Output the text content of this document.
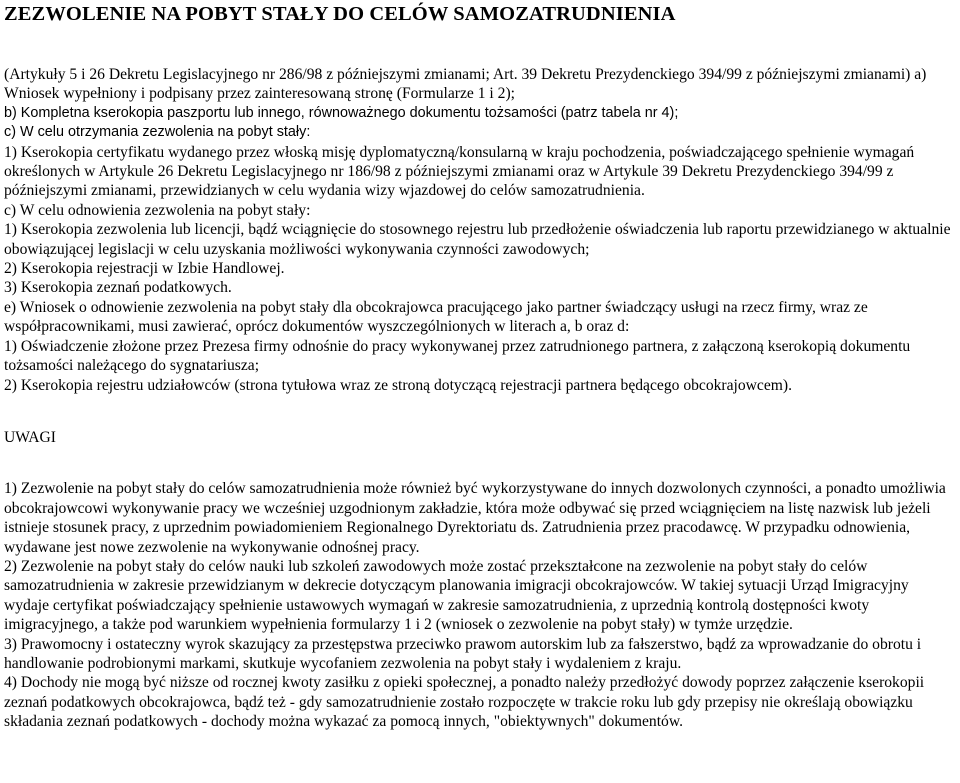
ZEZWOLENIE NA POBYT STAŁY DO CELÓW SAMOZATRUDNIENIA

(Artykuły 5 i 26 Dekretu Legislacyjnego nr 286/98 z późniejszymi zmianami; Art. 39 Dekretu Prezydenckiego 394/99 z późniejszymi zmianami) a) Wniosek wypełniony i podpisany przez zainteresowaną stronę (Formularze 1 i 2);

b) Kompletna kserokopia paszportu lub innego, równoważnego dokumentu tożsamości (patrz tabela nr 4);

c) W celu otrzymania zezwolenia na pobyt stały:

1) Kserokopia certyfikatu wydanego przez włoską misję dyplomatyczną/konsularną w kraju pochodzenia, poświadczającego spełnienie wymagań określonych w Artykule 26 Dekretu Legislacyjnego nr 186/98 z późniejszymi zmianami oraz w Artykule 39 Dekretu Prezydenckiego 394/99 z późniejszymi zmianami, przewidzianych w celu wydania wizy wjazdowej do celów samozatrudnienia.

c) W celu odnowienia zezwolenia na pobyt stały:

1) Kserokopia zezwolenia lub licencji, bądź wciągnięcie do stosownego rejestru lub przedłożenie oświadczenia lub raportu przewidzianego w aktualnie obowiązującej legislacji w celu uzyskania możliwości wykonywania czynności zawodowych;

2) Kserokopia rejestracji w Izbie Handlowej.

3) Kserokopia zeznań podatkowych.

e) Wniosek o odnowienie zezwolenia na pobyt stały dla obcokrajowca pracującego jako partner świadczący usługi na rzecz firmy, wraz ze współpracownikami, musi zawierać, oprócz dokumentów wyszczególnionych w literach a, b oraz d:

1) Oświadczenie złożone przez Prezesa firmy odnośnie do pracy wykonywanej przez zatrudnionego partnera, z załączoną kserokopią dokumentu tożsamości należącego do sygnatariusza;

2) Kserokopia rejestru udziałowców (strona tytułowa wraz ze stroną dotyczącą rejestracji partnera będącego obcokrajowcem).

UWAGI

1) Zezwolenie na pobyt stały do celów samozatrudnienia może również być wykorzystywane do innych dozwolonych czynności, a ponadto umożliwia obcokrajowcowi wykonywanie pracy we wcześniej uzgodnionym zakładzie, która może odbywać się przed wciągnięciem na listę nazwisk lub jeżeli istnieje stosunek pracy, z uprzednim powiadomieniem Regionalnego Dyrektoriatu ds. Zatrudnienia przez pracodawcę. W przypadku odnowienia, wydawane jest nowe zezwolenie na wykonywanie odnośnej pracy.

2) Zezwolenie na pobyt stały do celów nauki lub szkoleń zawodowych może zostać przekształcone na zezwolenie na pobyt stały do celów samozatrudnienia w zakresie przewidzianym w dekrecie dotyczącym planowania imigracji obcokrajowców. W takiej sytuacji Urząd Imigracyjny wydaje certyfikat poświadczający spełnienie ustawowych wymagań w zakresie samozatrudnienia, z uprzednią kontrolą dostępności kwoty imigracyjnego, a także pod warunkiem wypełnienia formularzy 1 i 2 (wniosek o zezwolenie na pobyt stały) w tymże urzędzie.

3) Prawomocny i ostateczny wyrok skazujący za przestępstwa przeciwko prawom autorskim lub za fałszerstwo, bądź za wprowadzanie do obrotu i handlowanie podrobionymi markami, skutkuje wycofaniem zezwolenia na pobyt stały i wydaleniem z kraju.

4) Dochody nie mogą być niższe od rocznej kwoty zasiłku z opieki społecznej, a ponadto należy przedłożyć dowody poprzez załączenie kserokopii zeznań podatkowych obcokrajowca, bądź też - gdy samozatrudnienie zostało rozpoczęte w trakcie roku lub gdy przepisy nie określają obowiązku składania zeznań podatkowych - dochody można wykazać za pomocą innych, "obiektywnych" dokumentów.
